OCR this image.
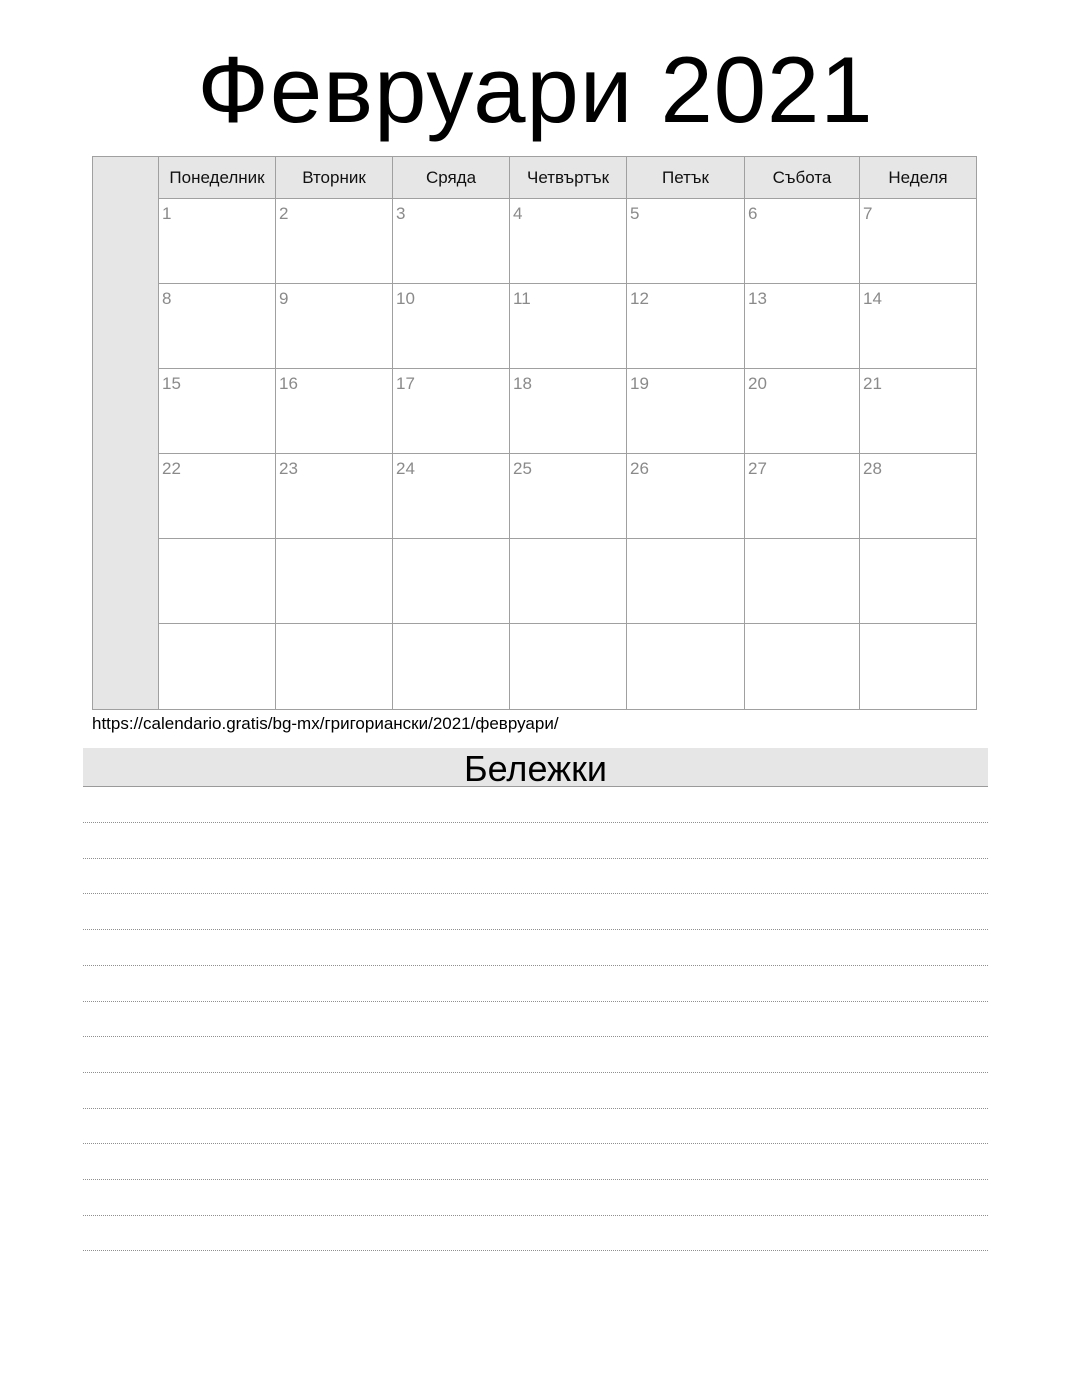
Февруари 2021
Понеделник	Вторник	Сряда	Четвъртък	Петък	Събота	Неделя
1	2	3	4	5	6	7
8	9	10	11	12	13	14
15	16	17	18	19	20	21
22	23	24	25	26	27	28
https://calendario.gratis/bg-mx/григориански/2021/февруари/
Бележки
